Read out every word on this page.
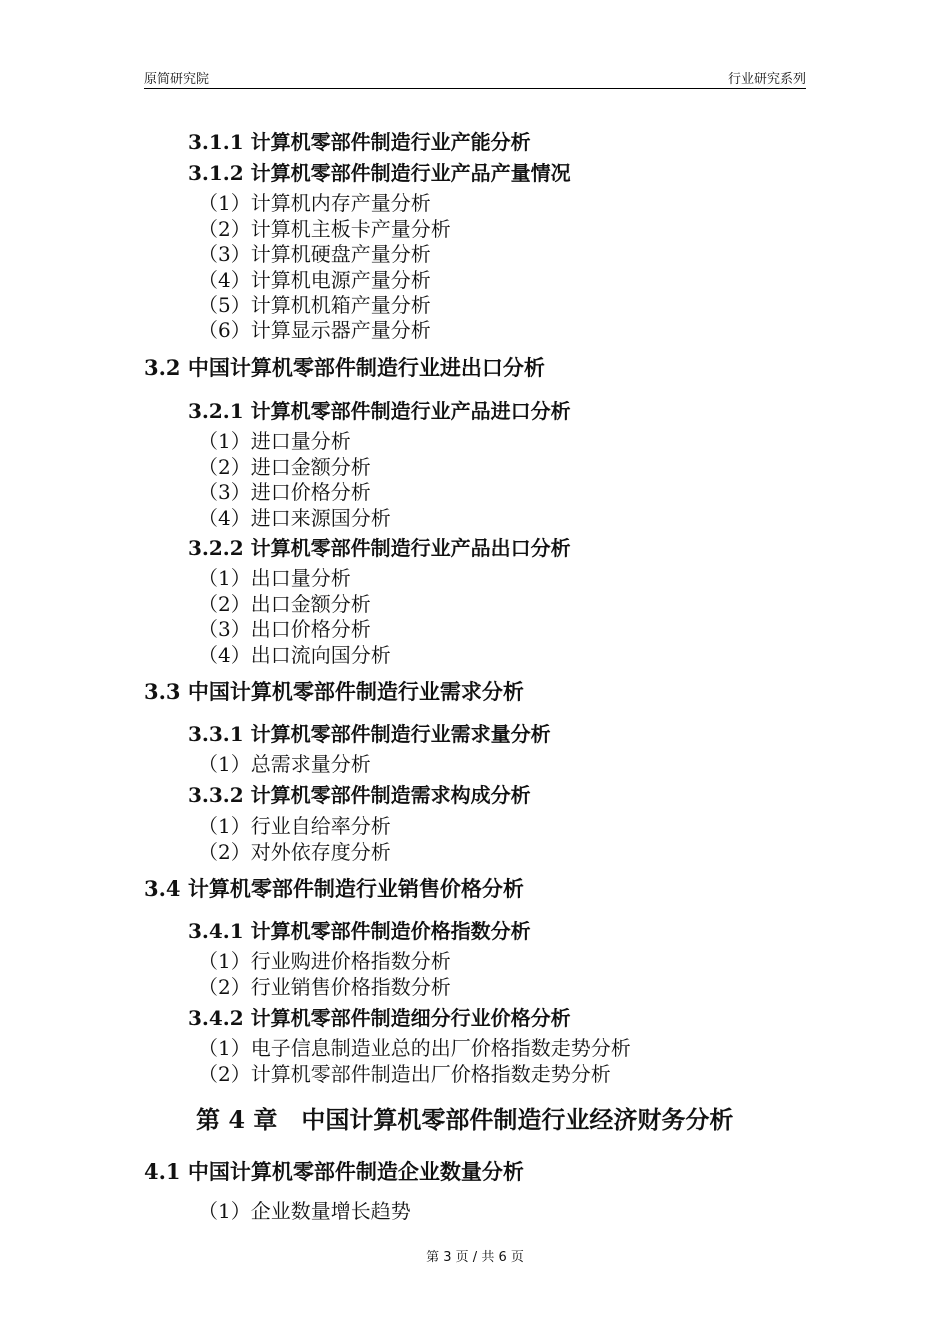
原简研究院	行业研究系列
3.1.1 计算机零部件制造行业产能分析
3.1.2 计算机零部件制造行业产品产量情况
（1）计算机内存产量分析
（2）计算机主板卡产量分析
（3）计算机硬盘产量分析
（4）计算机电源产量分析
（5）计算机机箱产量分析
（6）计算显示器产量分析
3.2 中国计算机零部件制造行业进出口分析
3.2.1 计算机零部件制造行业产品进口分析
（1）进口量分析
（2）进口金额分析
（3）进口价格分析
（4）进口来源国分析
3.2.2 计算机零部件制造行业产品出口分析
（1）出口量分析
（2）出口金额分析
（3）出口价格分析
（4）出口流向国分析
3.3 中国计算机零部件制造行业需求分析
3.3.1 计算机零部件制造行业需求量分析
（1）总需求量分析
3.3.2 计算机零部件制造需求构成分析
（1）行业自给率分析
（2）对外依存度分析
3.4 计算机零部件制造行业销售价格分析
3.4.1 计算机零部件制造价格指数分析
（1）行业购进价格指数分析
（2）行业销售价格指数分析
3.4.2 计算机零部件制造细分行业价格分析
（1）电子信息制造业总的出厂价格指数走势分析
（2）计算机零部件制造出厂价格指数走势分析
第 4 章　中国计算机零部件制造行业经济财务分析
4.1 中国计算机零部件制造企业数量分析
（1）企业数量增长趋势
第 3 页 / 共 6 页
